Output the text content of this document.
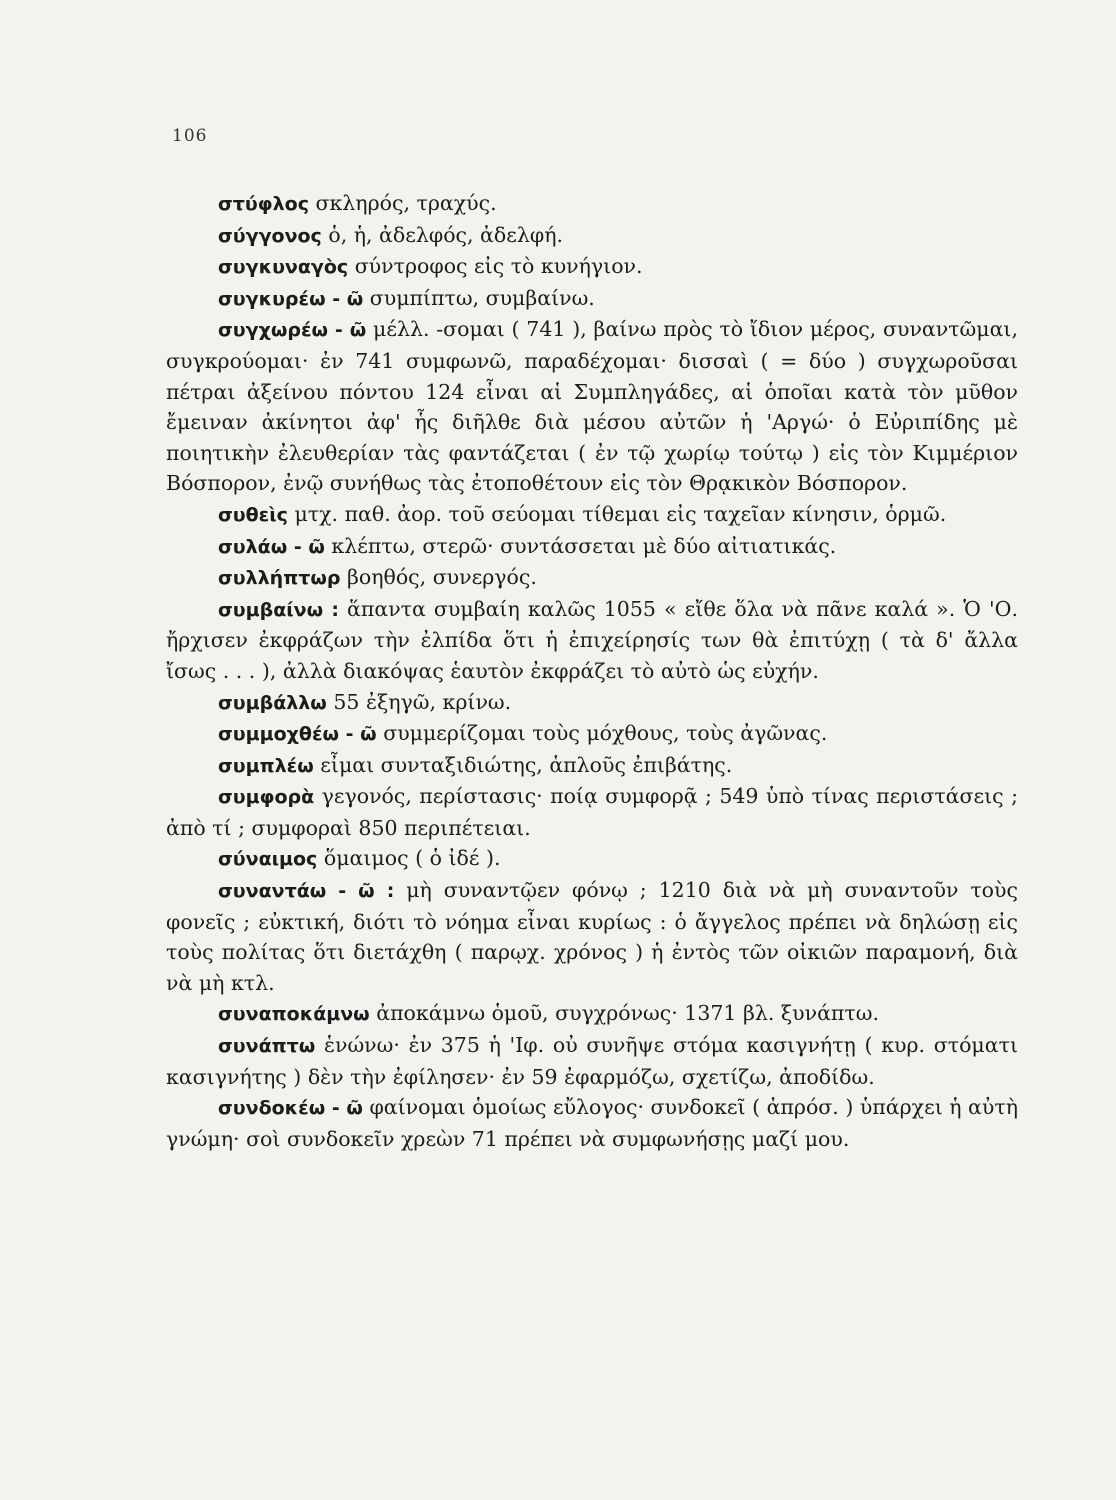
106

στύφλος σκληρός, τραχύς.

σύγγονος ὁ, ἡ, ἀδελφός, ἀδελφή.

συγκυναγὸς σύντροφος εἰς τὸ κυνήγιον.

συγκυρέω - ῶ συμπίπτω, συμβαίνω.

συγχωρέω - ῶ μέλλ. -σομαι ( 741 ), βαίνω πρὸς τὸ ἴδιον μέρος, συναντῶμαι, συγκρούομαι· ἐν 741 συμφωνῶ, παραδέχομαι· δισσαὶ ( = δύο ) συγχωροῦσαι πέτραι ἀξείνου πόντου 124 εἶναι αἱ Συμπληγάδες, αἱ ὁποῖαι κατὰ τὸν μῦθον ἔμειναν ἀκίνητοι ἀφ' ἧς διῆλθε διὰ μέσου αὐτῶν ἡ 'Αργώ· ὁ Εὐριπίδης μὲ ποιητικὴν ἐλευθερίαν τὰς φαντάζεται ( ἐν τῷ χωρίῳ τούτῳ ) εἰς τὸν Κιμμέριον Βόσπορον, ἐνῷ συνήθως τὰς ἐτοποθέτουν εἰς τὸν Θρᾳκικὸν Βόσπορον.

συθεὶς μτχ. παθ. ἀορ. τοῦ σεύομαι τίθεμαι εἰς ταχεῖαν κίνησιν, ὁρμῶ.

συλάω - ῶ κλέπτω, στερῶ· συντάσσεται μὲ δύο αἰτιατικάς.

συλλήπτωρ βοηθός, συνεργός.

συμβαίνω : ἅπαντα συμβαίη καλῶς 1055 « εἴθε ὅλα νὰ πᾶνε καλά ». Ὁ 'Ο. ἤρχισεν ἐκφράζων τὴν ἐλπίδα ὅτι ἡ ἐπιχείρησίς των θὰ ἐπιτύχῃ ( τὰ δ' ἄλλα ἴσως . . . ), ἀλλὰ διακόψας ἑαυτὸν ἐκφράζει τὸ αὐτὸ ὡς εὐχήν.

συμβάλλω 55 ἐξηγῶ, κρίνω.

συμμοχθέω - ῶ συμμερίζομαι τοὺς μόχθους, τοὺς ἀγῶνας.

συμπλέω εἶμαι συνταξιδιώτης, ἁπλοῦς ἐπιβάτης.

συμφορὰ γεγονός, περίστασις· ποίᾳ συμφορᾷ ; 549 ὑπὸ τίνας περιστάσεις ; ἀπὸ τί ; συμφοραὶ 850 περιπέτειαι.

σύναιμος ὅμαιμος ( ὁ ἰδέ ).

συναντάω - ῶ : μὴ συναντῷεν φόνῳ ; 1210 διὰ νὰ μὴ συναντοῦν τοὺς φονεῖς ; εὐκτική, διότι τὸ νόημα εἶναι κυρίως : ὁ ἄγγελος πρέπει νὰ δηλώσῃ εἰς τοὺς πολίτας ὅτι διετάχθη ( παρῳχ. χρόνος ) ἡ ἐντὸς τῶν οἰκιῶν παραμονή, διὰ νὰ μὴ κτλ.

συναποκάμνω ἀποκάμνω ὁμοῦ, συγχρόνως· 1371 βλ. ξυνάπτω.

συνάπτω ἑνώνω· ἐν 375 ἡ 'Ιφ. οὐ συνῆψε στόμα κασιγνήτῃ ( κυρ. στόματι κασιγνήτης ) δὲν τὴν ἐφίλησεν· ἐν 59 ἐφαρμόζω, σχετίζω, ἀποδίδω.

συνδοκέω - ῶ φαίνομαι ὁμοίως εὔλογος· συνδοκεῖ ( ἀπρόσ. ) ὑπάρχει ἡ αὐτὴ γνώμη· σοὶ συνδοκεῖν χρεὼν 71 πρέπει νὰ συμφωνήσῃς μαζί μου.
